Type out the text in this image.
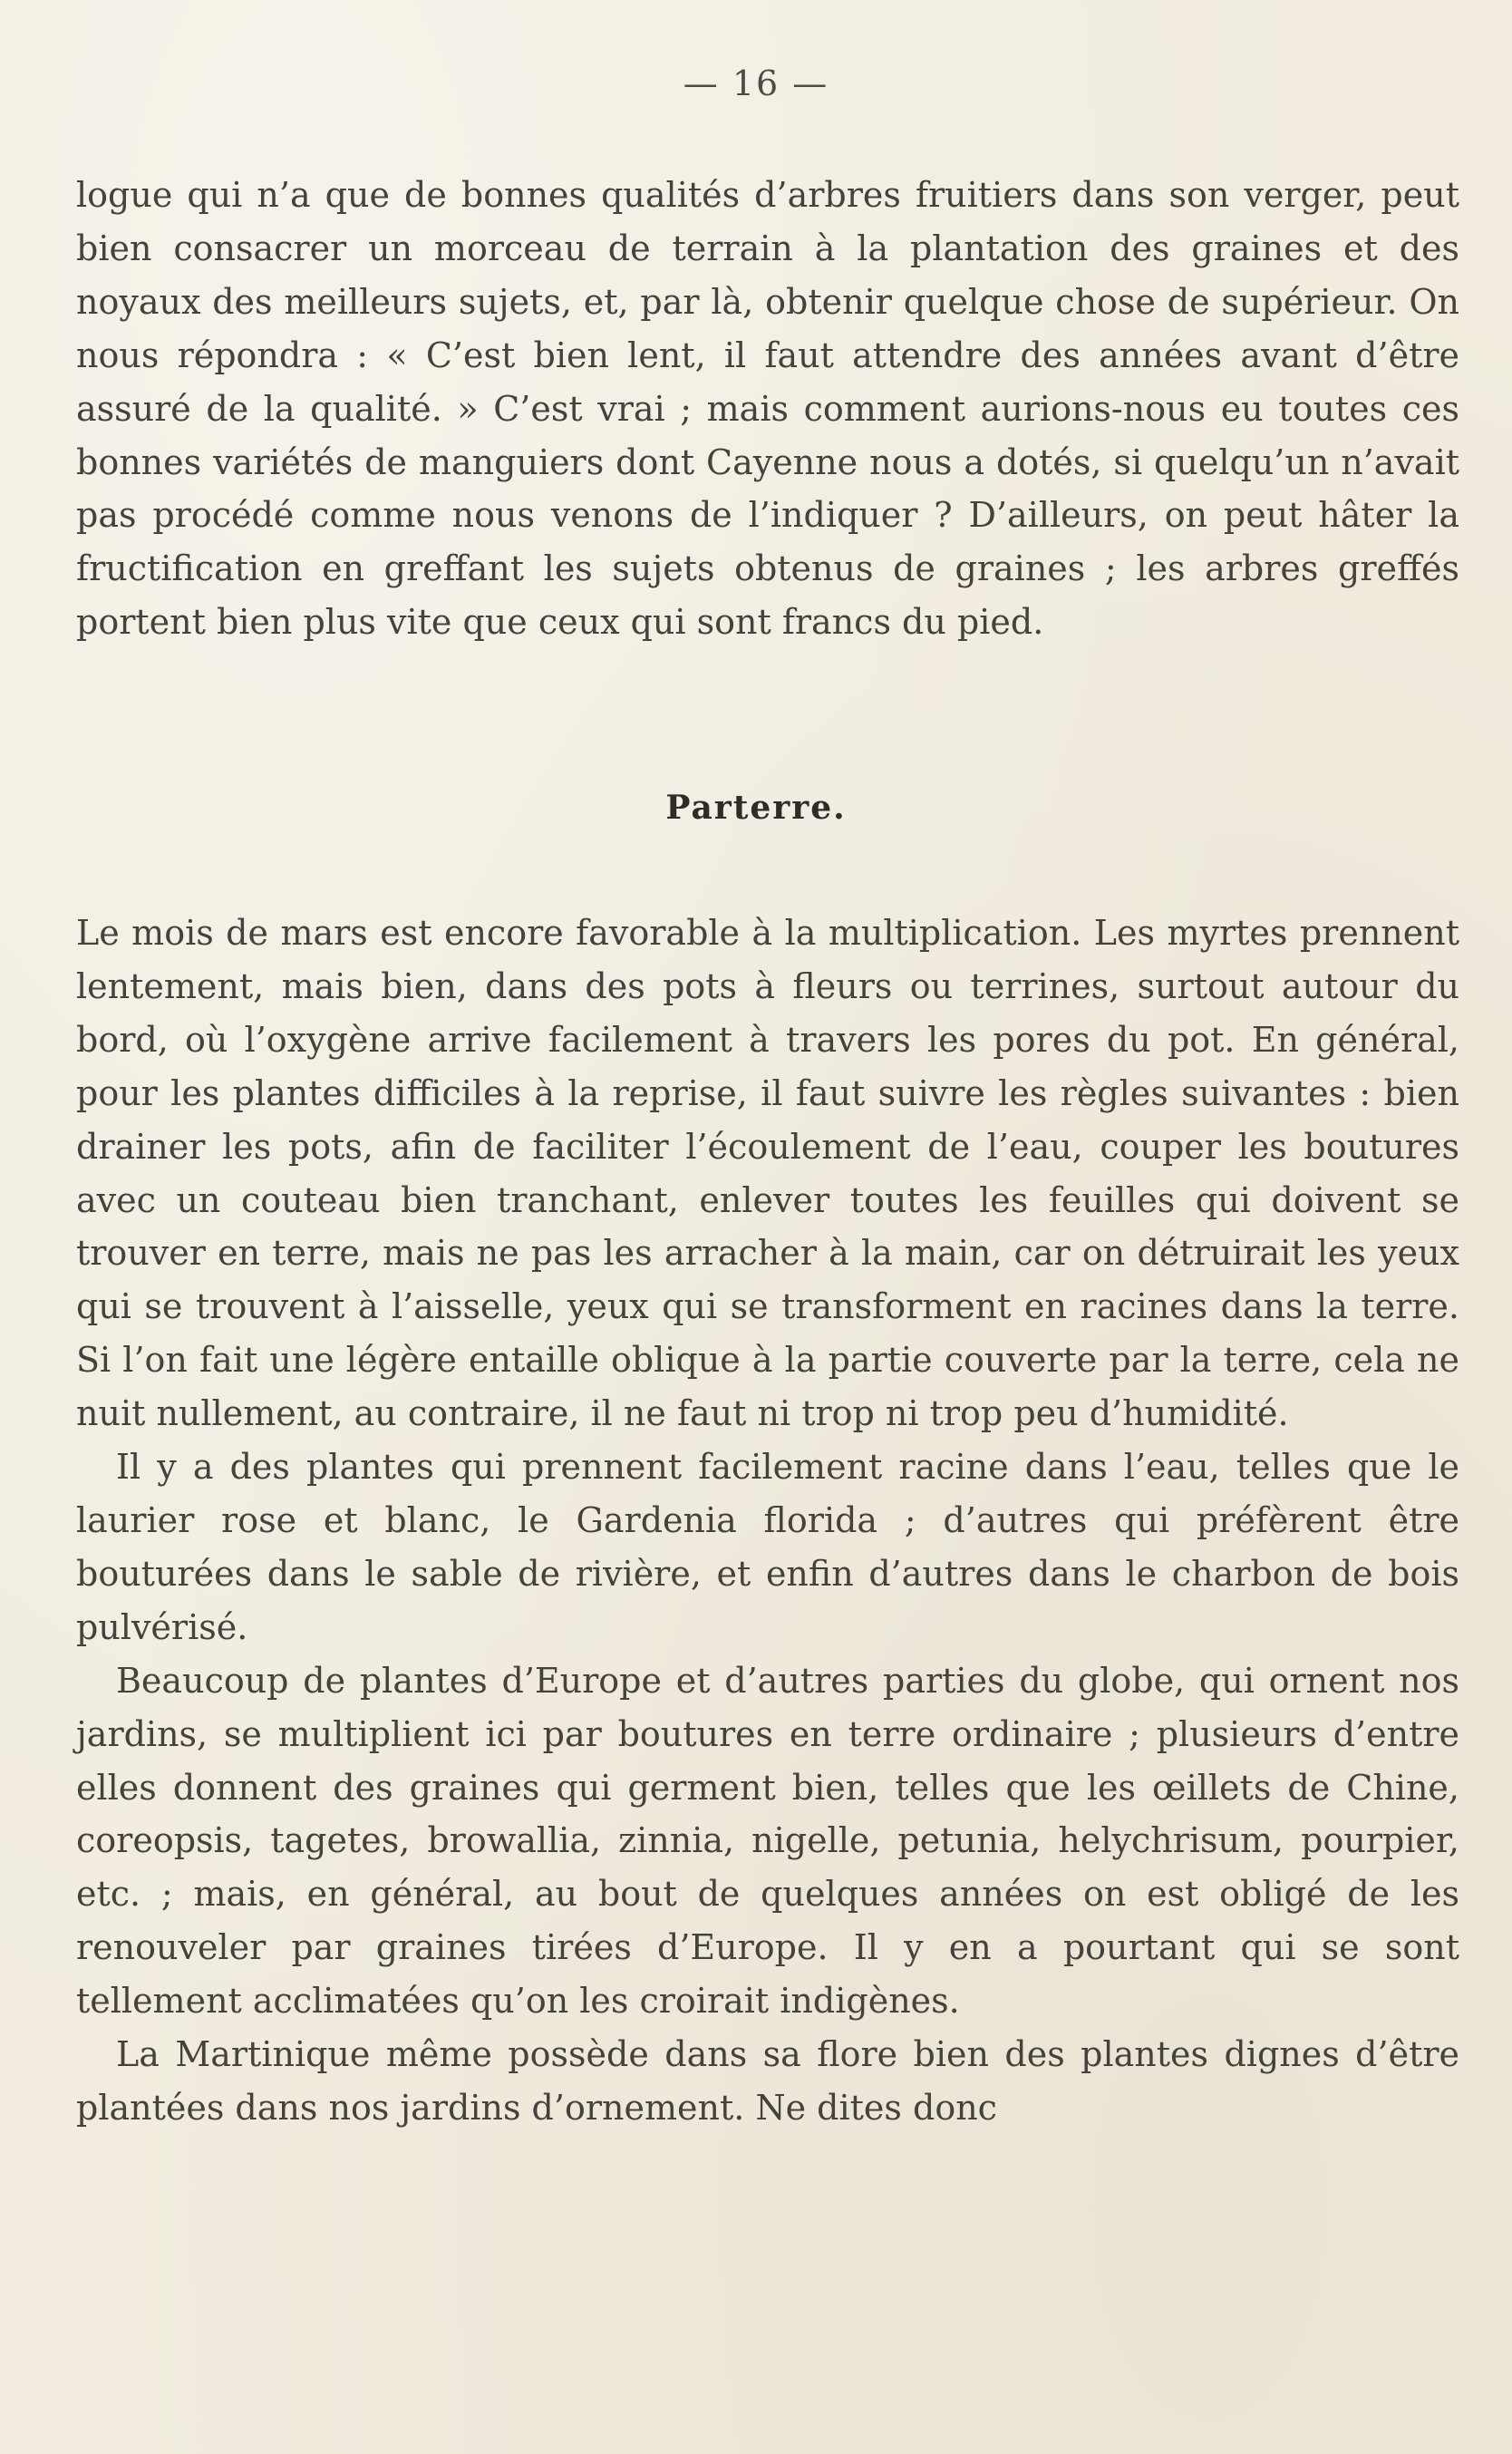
— 16 —

logue qui n’a que de bonnes qualités d’arbres fruitiers dans son verger, peut bien consacrer un morceau de terrain à la plantation des graines et des noyaux des meilleurs sujets, et, par là, obtenir quelque chose de supérieur. On nous répondra : « C’est bien lent, il faut attendre des années avant d’être assuré de la qualité. » C’est vrai ; mais comment aurions-nous eu toutes ces bonnes variétés de manguiers dont Cayenne nous a dotés, si quelqu’un n’avait pas procédé comme nous venons de l’indiquer ? D’ailleurs, on peut hâter la fructification en greffant les sujets obtenus de graines ; les arbres greffés portent bien plus vite que ceux qui sont francs du pied.

Parterre.

Le mois de mars est encore favorable à la multiplication. Les myrtes prennent lentement, mais bien, dans des pots à fleurs ou terrines, surtout autour du bord, où l’oxygène arrive facilement à travers les pores du pot. En général, pour les plantes difficiles à la reprise, il faut suivre les règles suivantes : bien drainer les pots, afin de faciliter l’écoulement de l’eau, couper les boutures avec un couteau bien tranchant, enlever toutes les feuilles qui doivent se trouver en terre, mais ne pas les arracher à la main, car on détruirait les yeux qui se trouvent à l’aisselle, yeux qui se transforment en racines dans la terre. Si l’on fait une légère entaille oblique à la partie couverte par la terre, cela ne nuit nullement, au contraire, il ne faut ni trop ni trop peu d’humidité.

Il y a des plantes qui prennent facilement racine dans l’eau, telles que le laurier rose et blanc, le Gardenia florida ; d’autres qui préfèrent être bouturées dans le sable de rivière, et enfin d’autres dans le charbon de bois pulvérisé.

Beaucoup de plantes d’Europe et d’autres parties du globe, qui ornent nos jardins, se multiplient ici par boutures en terre ordinaire ; plusieurs d’entre elles donnent des graines qui germent bien, telles que les œillets de Chine, coreopsis, tagetes, browallia, zinnia, nigelle, petunia, helychrisum, pourpier, etc. ; mais, en général, au bout de quelques années on est obligé de les renouveler par graines tirées d’Europe. Il y en a pourtant qui se sont tellement acclimatées qu’on les croirait indigènes.

La Martinique même possède dans sa flore bien des plantes dignes d’être plantées dans nos jardins d’ornement. Ne dites donc
